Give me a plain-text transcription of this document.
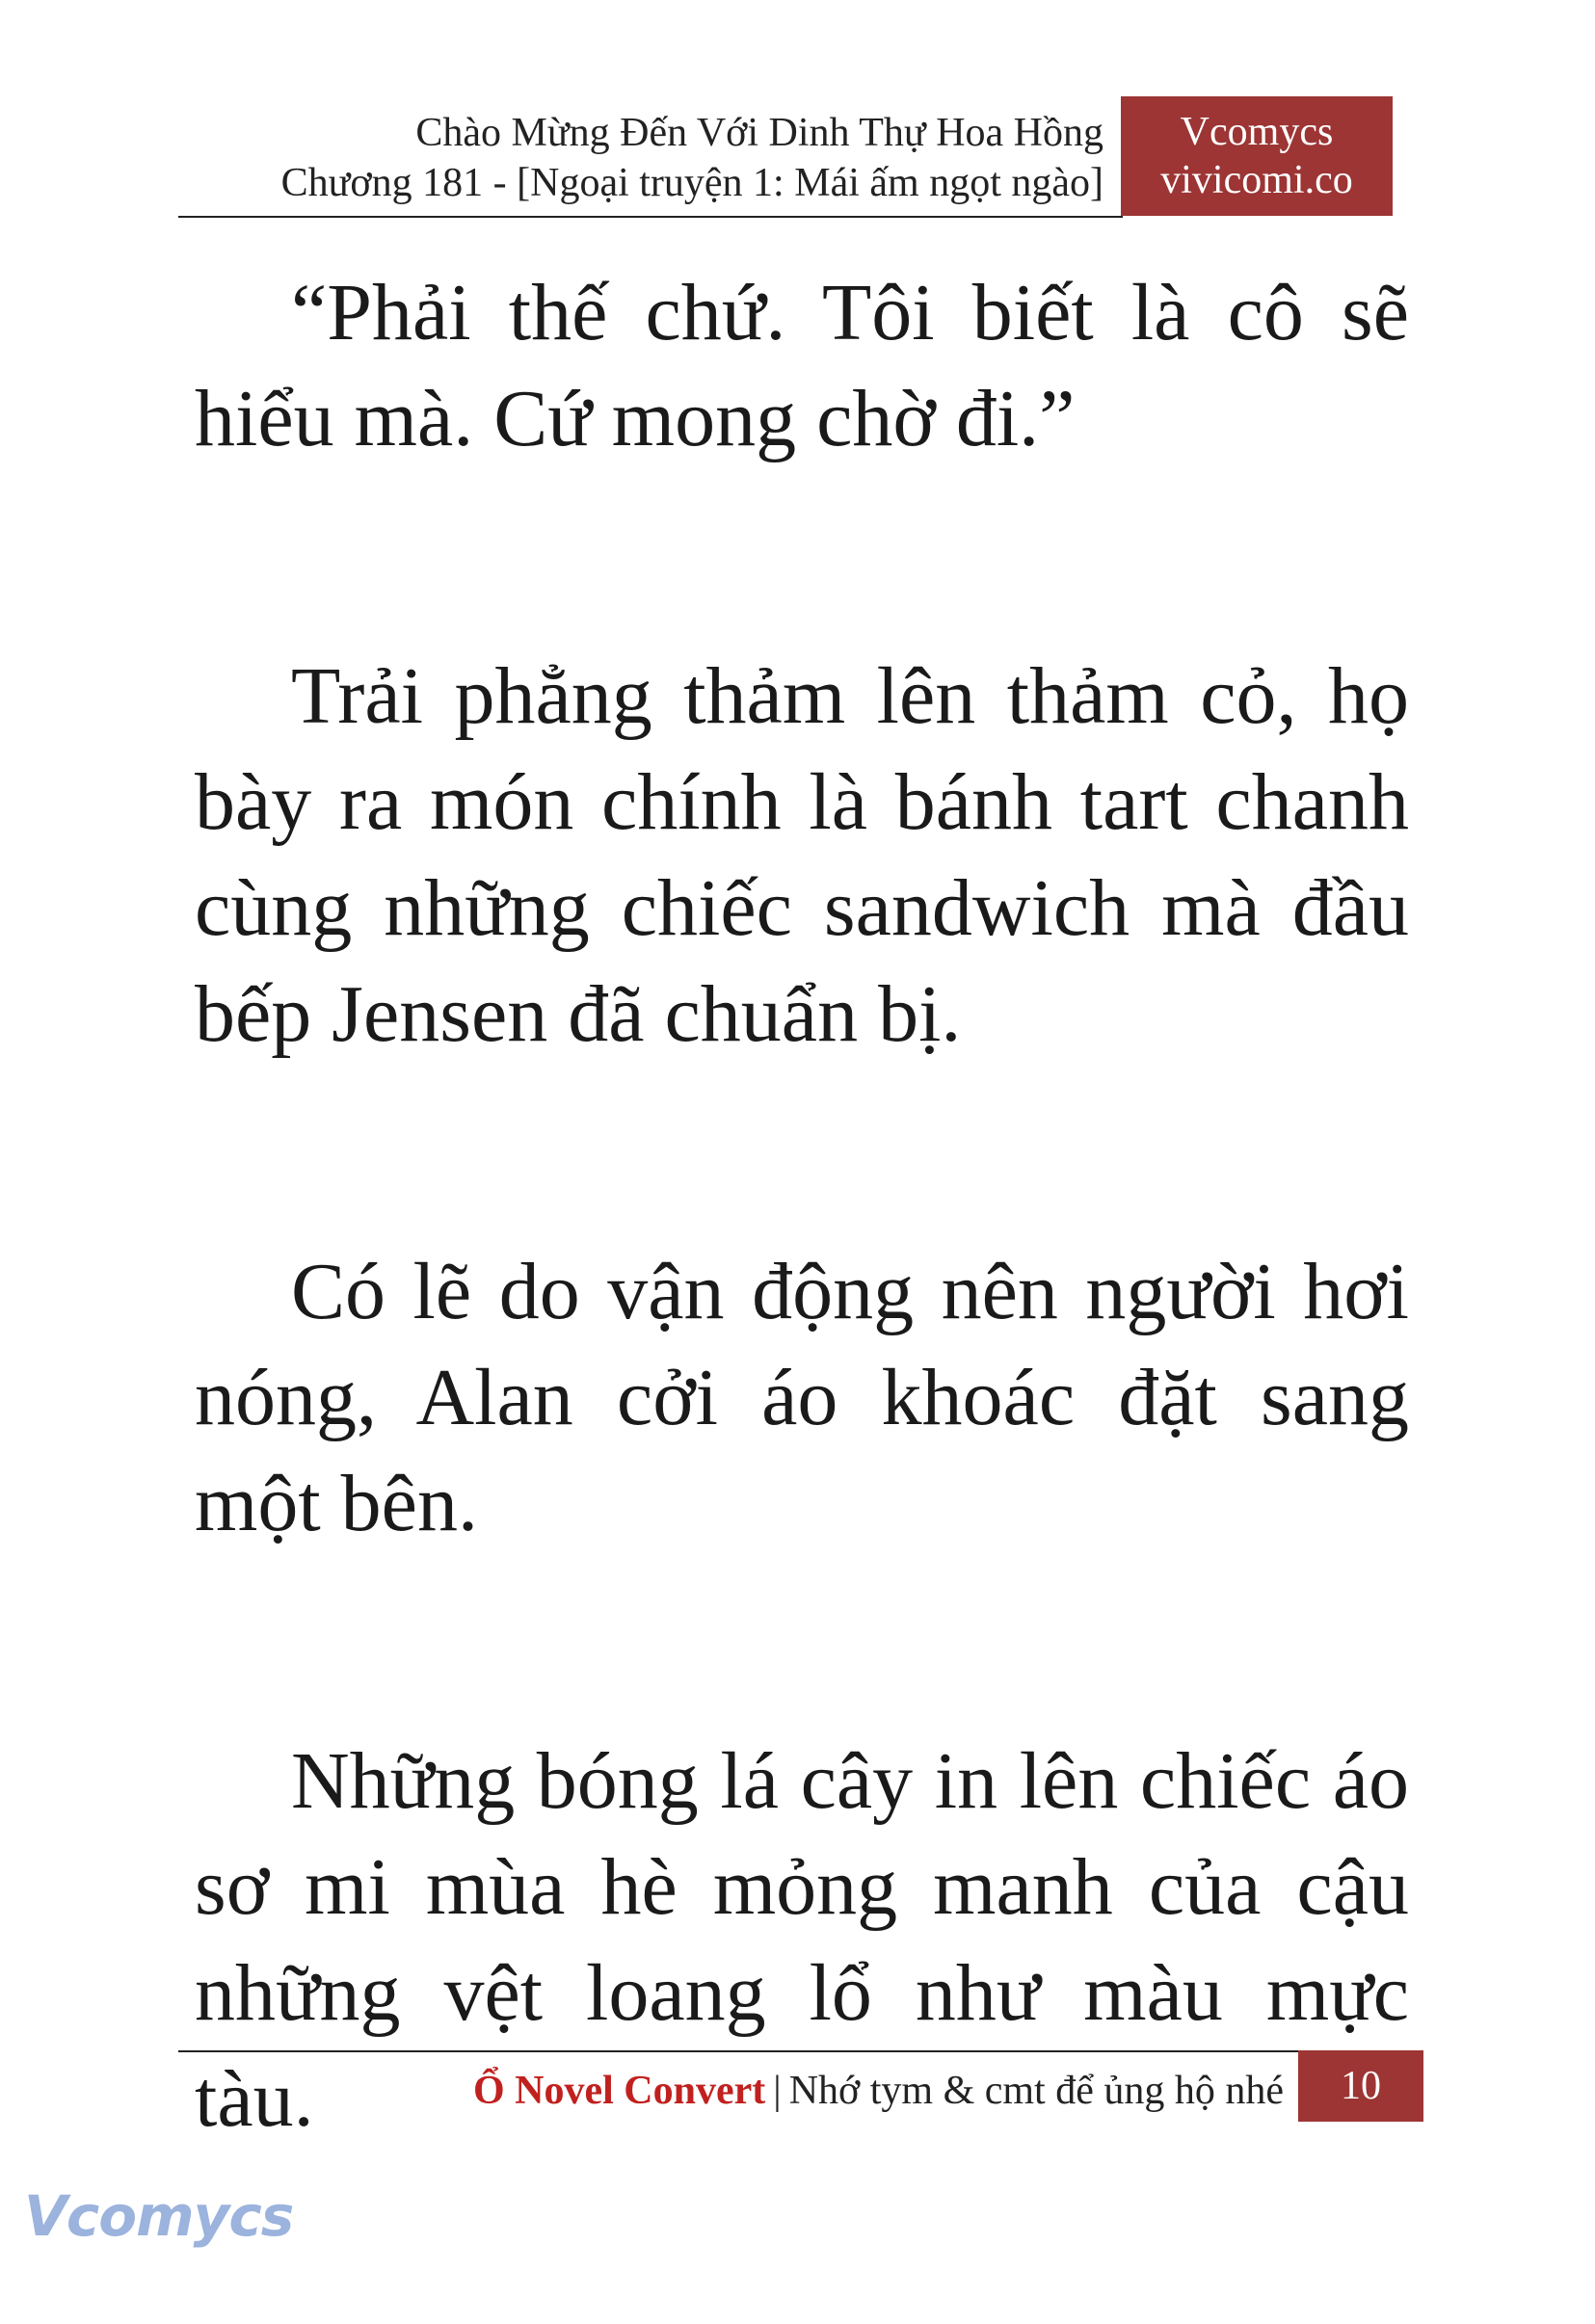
Chào Mừng Đến Với Dinh Thự Hoa Hồng
Chương 181 - [Ngoại truyện 1: Mái ấm ngọt ngào]
Vcomycs
vivicomi.co

“Phải thế chứ. Tôi biết là cô sẽ hiểu mà. Cứ mong chờ đi.”

Trải phẳng thảm lên thảm cỏ, họ bày ra món chính là bánh tart chanh cùng những chiếc sandwich mà đầu bếp Jensen đã chuẩn bị.

Có lẽ do vận động nên người hơi nóng, Alan cởi áo khoác đặt sang một bên.

Những bóng lá cây in lên chiếc áo sơ mi mùa hè mỏng manh của cậu những vệt loang lổ như màu mực tàu.	Ổ Novel Convert | Nhớ tym & cmt để ủng hộ nhé	10
Vcomycs
